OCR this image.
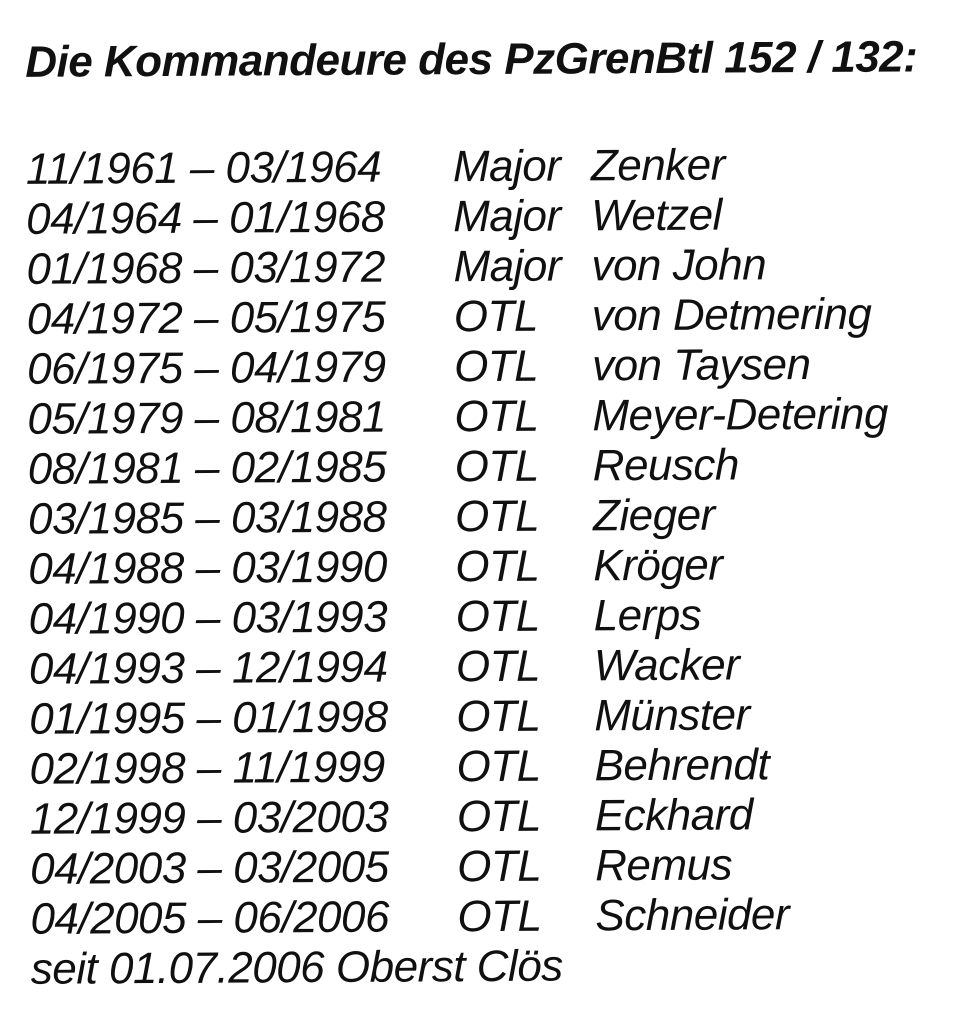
Die Kommandeure des PzGrenBtl 152 / 132:
11/1961 – 03/1964	Major Zenker
04/1964 – 01/1968	Major Wetzel
01/1968 – 03/1972	Major von John
04/1972 – 05/1975	OTL	von Detmering
06/1975 – 04/1979	OTL	von Taysen
05/1979 – 08/1981	OTL	Meyer-Detering
08/1981 – 02/1985	OTL	Reusch
03/1985 – 03/1988	OTL	Zieger
04/1988 – 03/1990	OTL	Kröger
04/1990 – 03/1993	OTL	Lerps
04/1993 – 12/1994	OTL	Wacker
01/1995 – 01/1998	OTL	Münster
02/1998 – 11/1999	OTL	Behrendt
12/1999 – 03/2003	OTL	Eckhard
04/2003 – 03/2005	OTL	Remus
04/2005 – 06/2006	OTL	Schneider
seit 01.07.2006 Oberst Clös
